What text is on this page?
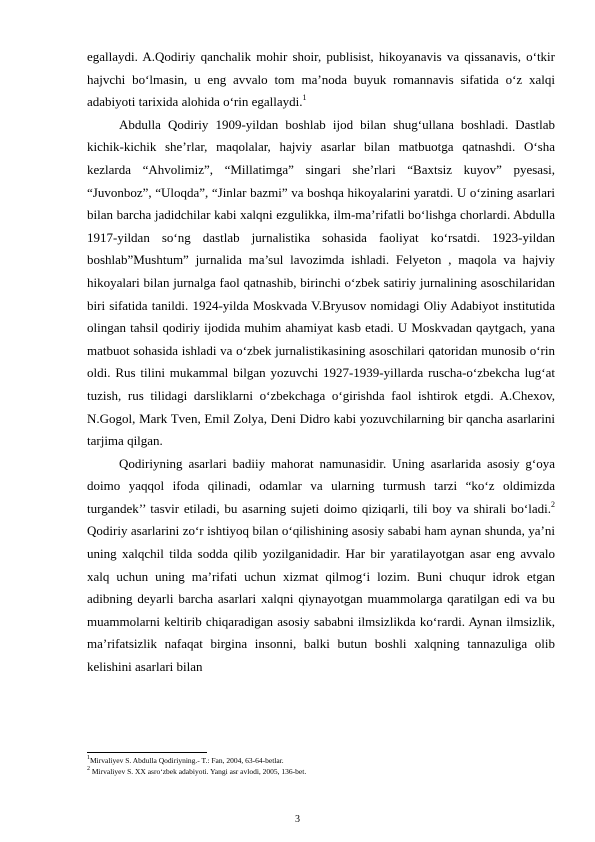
egallaydi. A.Qodiriy qanchalik mohir shoir, publisist, hikoyanavis va qissanavis, o‘tkir hajvchi bo‘lmasin, u eng avvalo tom ma’noda buyuk romannavis sifatida o‘z xalqi adabiyoti tarixida alohida o‘rin egallaydi.$^1$

Abdulla Qodiriy 1909-yildan boshlab ijod bilan shug‘ullana boshladi. Dastlab kichik-kichik she’rlar, maqolalar, hajviy asarlar bilan matbuotga qatnashdi. O‘sha kezlarda “Ahvolimiz”, “Millatimga” singari she’rlari “Baxtsiz kuyov” pyesasi, “Juvonboz”, “Uloqda”, “Jinlar bazmi” va boshqa hikoyalarini yaratdi. U o‘zining asarlari bilan barcha jadidchilar kabi xalqni ezgulikka, ilm-ma’rifatli bo‘lishga chorlardi. Abdulla 1917-yildan so‘ng dastlab jurnalistika sohasida faoliyat ko‘rsatdi. 1923-yildan boshlab”Mushtum” jurnalida ma’sul lavozimda ishladi. Felyeton , maqola va hajviy hikoyalari bilan jurnalga faol qatnashib, birinchi o‘zbek satiriy jurnalining asoschilaridan biri sifatida tanildi. 1924-yilda Moskvada V.Bryusov nomidagi Oliy Adabiyot institutida olingan tahsil qodiriy ijodida muhim ahamiyat kasb etadi. U Moskvadan qaytgach, yana matbuot sohasida ishladi va o‘zbek jurnalistikasining asoschilari qatoridan munosib o‘rin oldi. Rus tilini mukammal bilgan yozuvchi 1927-1939-yillarda ruscha-o‘zbekcha lug‘at tuzish, rus tilidagi darsliklarni o‘zbekchaga o‘girishda faol ishtirok etgdi. A.Chexov, N.Gogol, Mark Tven, Emil Zolya, Deni Didro kabi yozuvchilarning bir qancha asarlarini tarjima qilgan.

Qodiriyning asarlari badiiy mahorat namunasidir. Uning asarlarida asosiy g‘oya doimo yaqqol ifoda qilinadi, odamlar va ularning turmush tarzi “ko‘z oldimizda turgandek’’ tasvir etiladi, bu asarning sujeti doimo qiziqarli, tili boy va shirali bo‘ladi.$^2$ Qodiriy asarlarini zo‘r ishtiyoq bilan o‘qilishining asosiy sababi ham aynan shunda, ya’ni uning xalqchil tilda sodda qilib yozilganidadir. Har bir yaratilayotgan asar eng avvalo xalq uchun uning ma’rifati uchun xizmat qilmog‘i lozim. Buni chuqur idrok etgan adibning deyarli barcha asarlari xalqni qiynayotgan muammolarga qaratilgan edi va bu muammolarni keltirib chiqaradigan asosiy sababni ilmsizlikda ko‘rardi. Aynan ilmsizlik, ma’rifatsizlik nafaqat birgina insonni, balki butun boshli xalqning tannazuliga olib kelishini asarlari bilan

$^1$Mirvaliyev S. Abdulla Qodiriyning.- T.: Fan, 2004, 63-64-betlar.

$^2$ Mirvaliyev S. XX asro‘zbek adabiyoti. Yangi asr avlodi, 2005, 136-bet.

3
